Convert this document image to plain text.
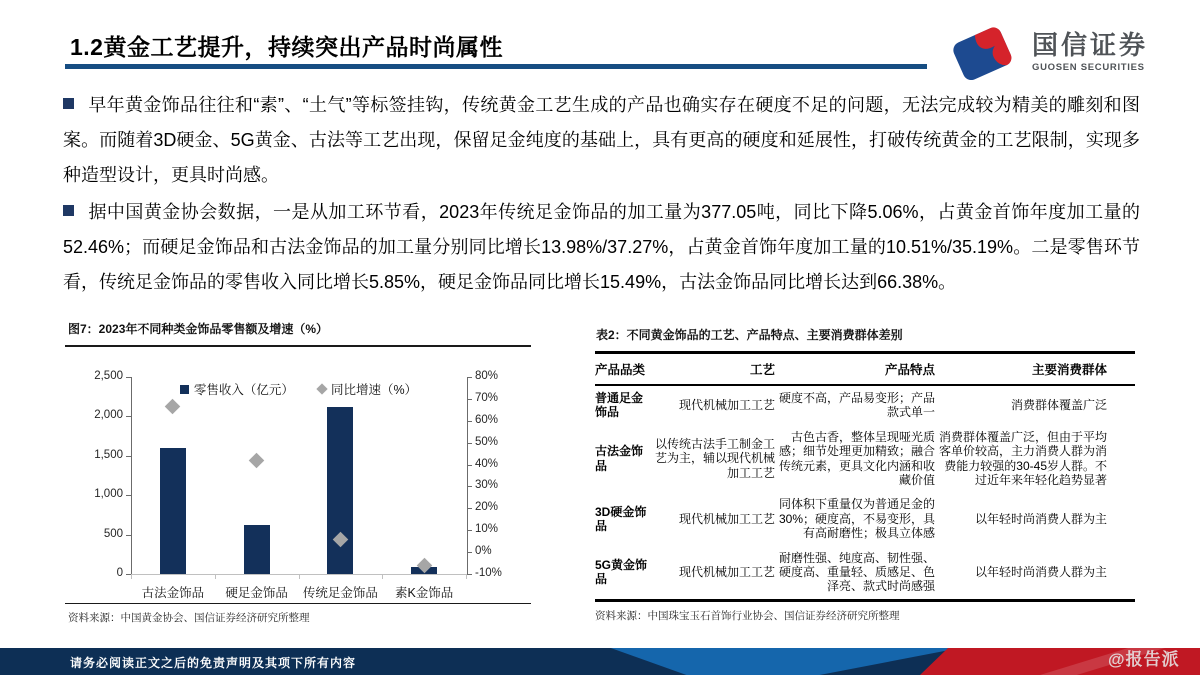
1.2黄金工艺提升，持续突出产品时尚属性	国信证券
GUOSEN SECURITIES

早年黄金饰品往往和“素”、“土气”等标签挂钩，传统黄金工艺生成的产品也确实存在硬度不足的问题，无法完成较为精美的雕刻和图案。而随着3D硬金、5G黄金、古法等工艺出现，保留足金纯度的基础上，具有更高的硬度和延展性，打破传统黄金的工艺限制，实现多种造型设计，更具时尚感。

据中国黄金协会数据，一是从加工环节看，2023年传统足金饰品的加工量为377.05吨，同比下降5.06%，占黄金首饰年度加工量的52.46%；而硬足金饰品和古法金饰品的加工量分别同比增长13.98%/37.27%，占黄金首饰年度加工量的10.51%/35.19%。二是零售环节看，传统足金饰品的零售收入同比增长5.85%，硬足金饰品同比增长15.49%，古法金饰品同比增长达到66.38%。

图7：2023年不同种类金饰品零售额及增速（%）
0
500
1,000
1,500
2,000
2,500
-10%
0%
10%
20%
30%
40%
50%
60%
70%
80%
古法金饰品	硬足金饰品	传统足金饰品	素K金饰品
零售收入（亿元）	同比增速（%）
资料来源：中国黄金协会、国信证券经济研究所整理
表2：不同黄金饰品的工艺、产品特点、主要消费群体差别
产品品类	工艺	产品特点	主要消费群体
普通足金饰品	现代机械加工工艺	硬度不高，产品易变形；产品款式单一	消费群体覆盖广泛
古法金饰品	以传统古法手工制金工艺为主，辅以现代机械加工工艺	古色古香，整体呈现哑光质感；细节处理更加精致；融合传统元素，更具文化内涵和收藏价值	消费群体覆盖广泛，但由于平均客单价较高，主力消费人群为消费能力较强的30-45岁人群。不过近年来年轻化趋势显著
3D硬金饰品	现代机械加工工艺	同体积下重量仅为普通足金的30%；硬度高，不易变形，具有高耐磨性；极具立体感	以年轻时尚消费人群为主
5G黄金饰品	现代机械加工工艺	耐磨性强、纯度高、韧性强、硬度高、重量轻、质感足、色泽亮、款式时尚感强	以年轻时尚消费人群为主
资料来源：中国珠宝玉石首饰行业协会、国信证券经济研究所整理
请务必阅读正文之后的免责声明及其项下所有内容	@报告派
